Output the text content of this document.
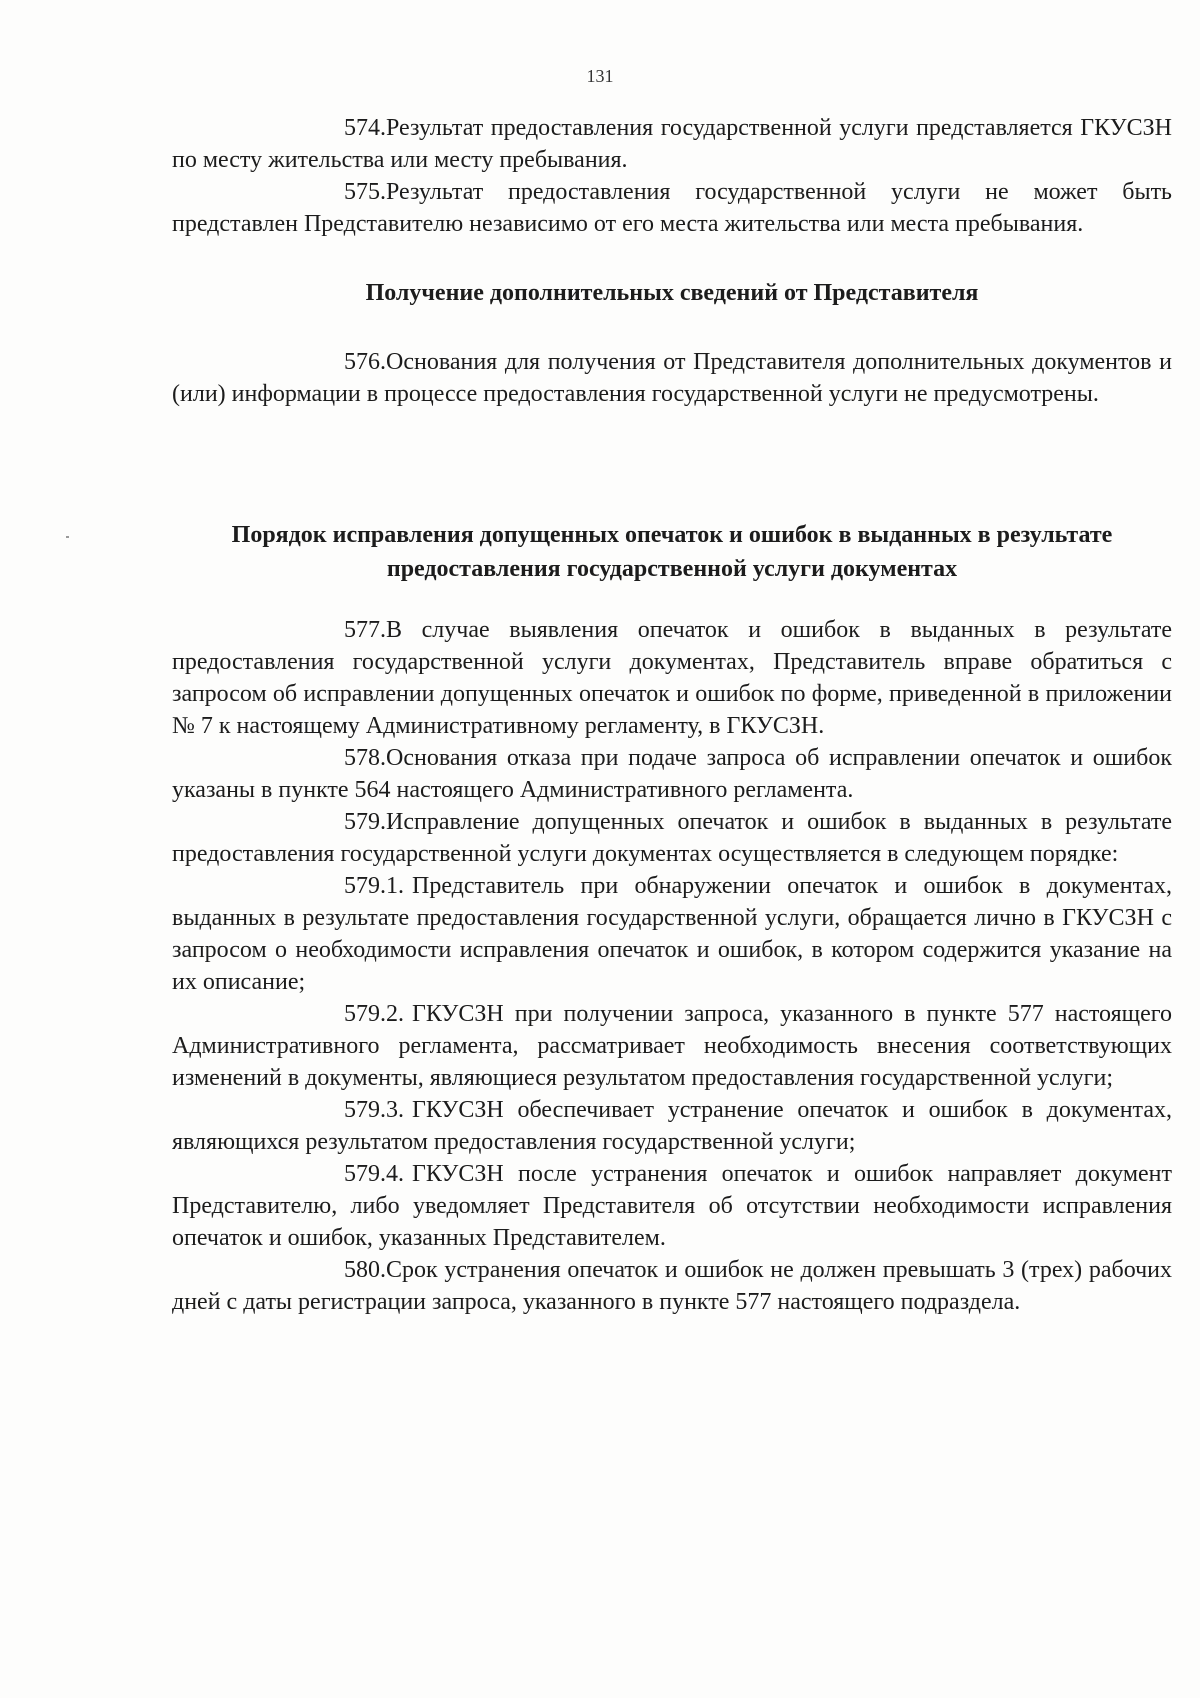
131

574.Результат предоставления государственной услуги представляется ГКУСЗН по месту жительства или месту пребывания.

575.Результат предоставления государственной услуги не может быть представлен Представителю независимо от его места жительства или места пребывания.

Получение дополнительных сведений от Представителя

576.Основания для получения от Представителя дополнительных документов и (или) информации в процессе предоставления государственной услуги не предусмотрены.

Порядок исправления допущенных опечаток и ошибок в выданных в результате предоставления государственной услуги документах

577.В случае выявления опечаток и ошибок в выданных в результате предоставления государственной услуги документах, Представитель вправе обратиться с запросом об исправлении допущенных опечаток и ошибок по форме, приведенной в приложении № 7 к настоящему Административному регламенту, в ГКУСЗН.

578.Основания отказа при подаче запроса об исправлении опечаток и ошибок указаны в пункте 564 настоящего Административного регламента.

579.Исправление допущенных опечаток и ошибок в выданных в результате предоставления государственной услуги документах осуществляется в следующем порядке:

579.1. Представитель при обнаружении опечаток и ошибок в документах, выданных в результате предоставления государственной услуги, обращается лично в ГКУСЗН с запросом о необходимости исправления опечаток и ошибок, в котором содержится указание на их описание;

579.2. ГКУСЗН при получении запроса, указанного в пункте 577 настоящего Административного регламента, рассматривает необходимость внесения соответствующих изменений в документы, являющиеся результатом предоставления государственной услуги;

579.3. ГКУСЗН обеспечивает устранение опечаток и ошибок в документах, являющихся результатом предоставления государственной услуги;

579.4. ГКУСЗН после устранения опечаток и ошибок направляет документ Представителю, либо уведомляет Представителя об отсутствии необходимости исправления опечаток и ошибок, указанных Представителем.

580.Срок устранения опечаток и ошибок не должен превышать 3 (трех) рабочих дней с даты регистрации запроса, указанного в пункте 577 настоящего подраздела.
